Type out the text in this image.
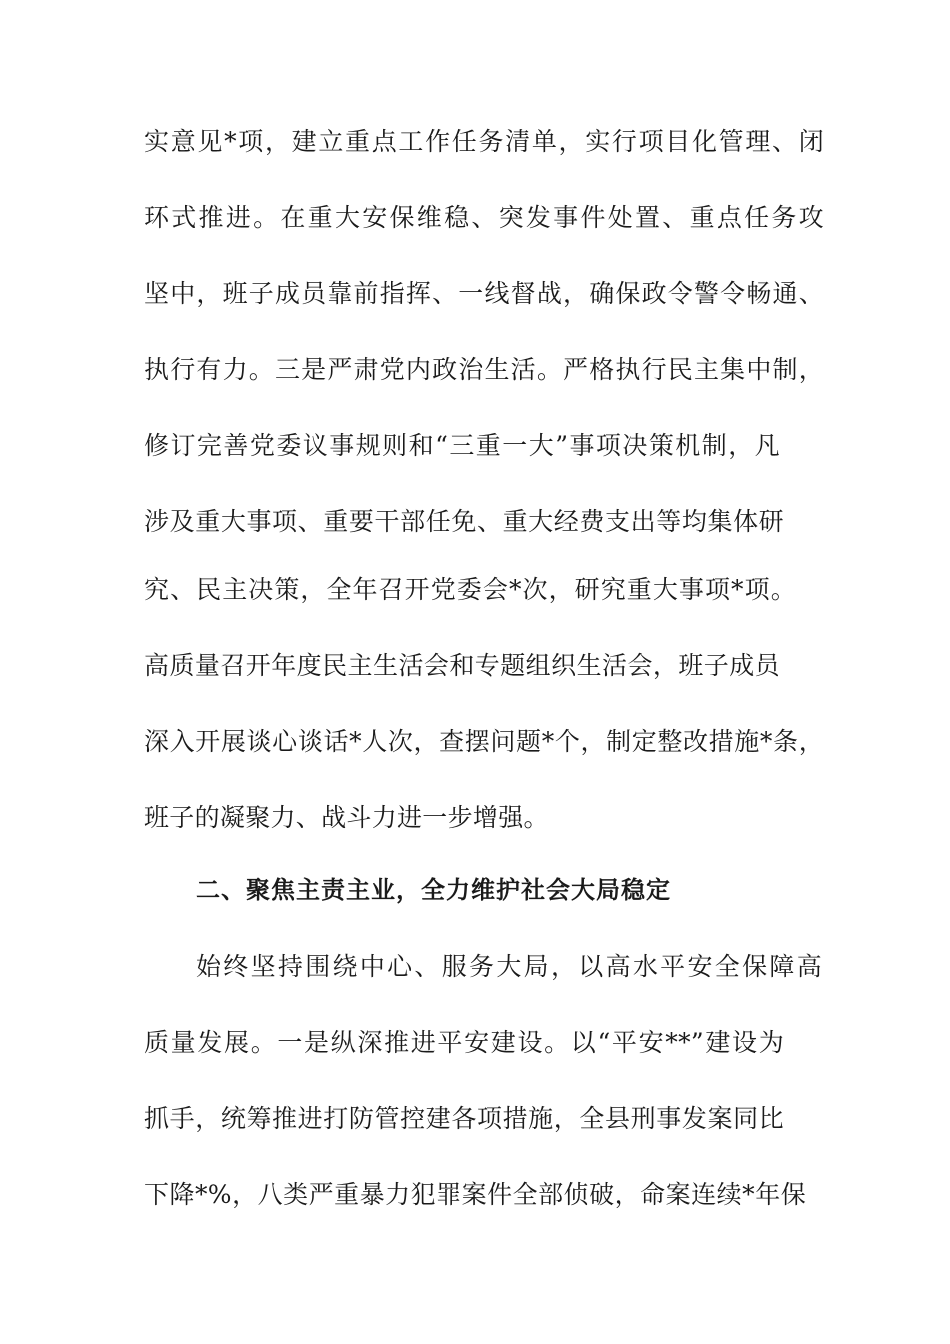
实意见*项，建立重点工作任务清单，实行项目化管理、闭
环式推进。在重大安保维稳、突发事件处置、重点任务攻
坚中，班子成员靠前指挥、一线督战，确保政令警令畅通、
执行有力。三是严肃党内政治生活。严格执行民主集中制，
修订完善党委议事规则和“三重一大”事项决策机制，凡
涉及重大事项、重要干部任免、重大经费支出等均集体研
究、民主决策，全年召开党委会*次，研究重大事项*项。
高质量召开年度民主生活会和专题组织生活会，班子成员
深入开展谈心谈话*人次，查摆问题*个，制定整改措施*条，
班子的凝聚力、战斗力进一步增强。
二、聚焦主责主业，全力维护社会大局稳定
始终坚持围绕中心、服务大局，以高水平安全保障高
质量发展。一是纵深推进平安建设。以“平安**”建设为
抓手，统筹推进打防管控建各项措施，全县刑事发案同比
下降*%，八类严重暴力犯罪案件全部侦破，命案连续*年保
